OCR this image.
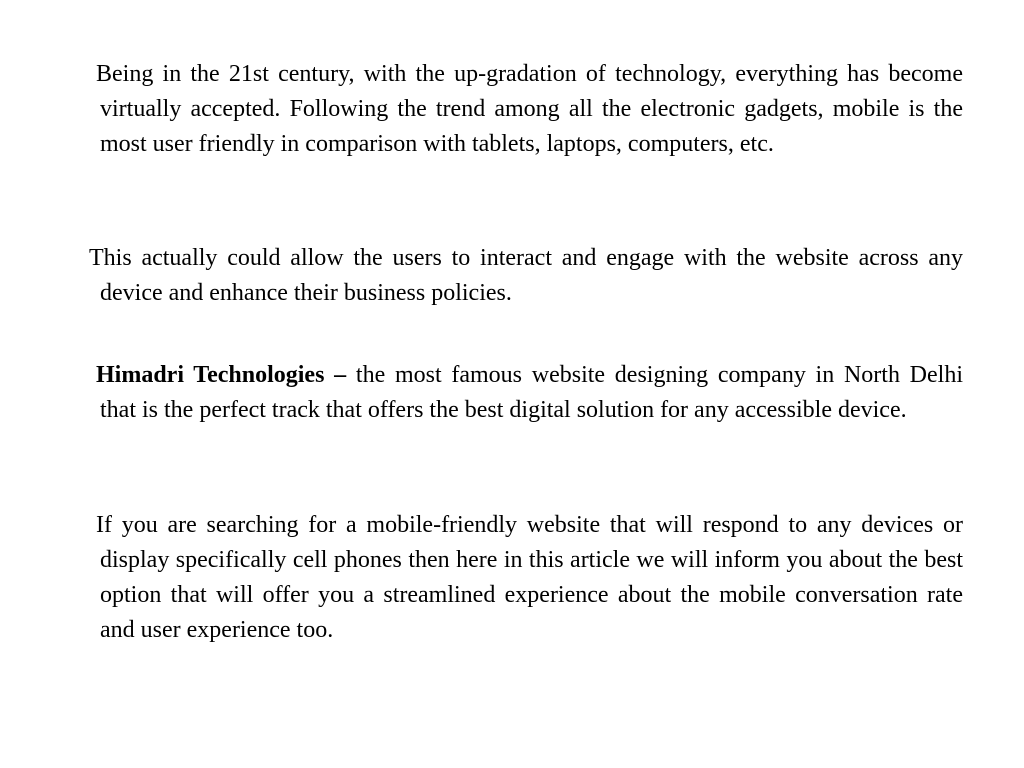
Being in the 21st century, with the up-gradation of technology, everything has become virtually accepted. Following the trend among all the electronic gadgets, mobile is the most user friendly in comparison with tablets, laptops, computers, etc.

This actually could allow the users to interact and engage with the website across any device and enhance their business policies.

Himadri Technologies – the most famous website designing company in North Delhi that is the perfect track that offers the best digital solution for any accessible device.

If you are searching for a mobile-friendly website that will respond to any devices or display specifically cell phones then here in this article we will inform you about the best option that will offer you a streamlined experience about the mobile conversation rate and user experience too.
